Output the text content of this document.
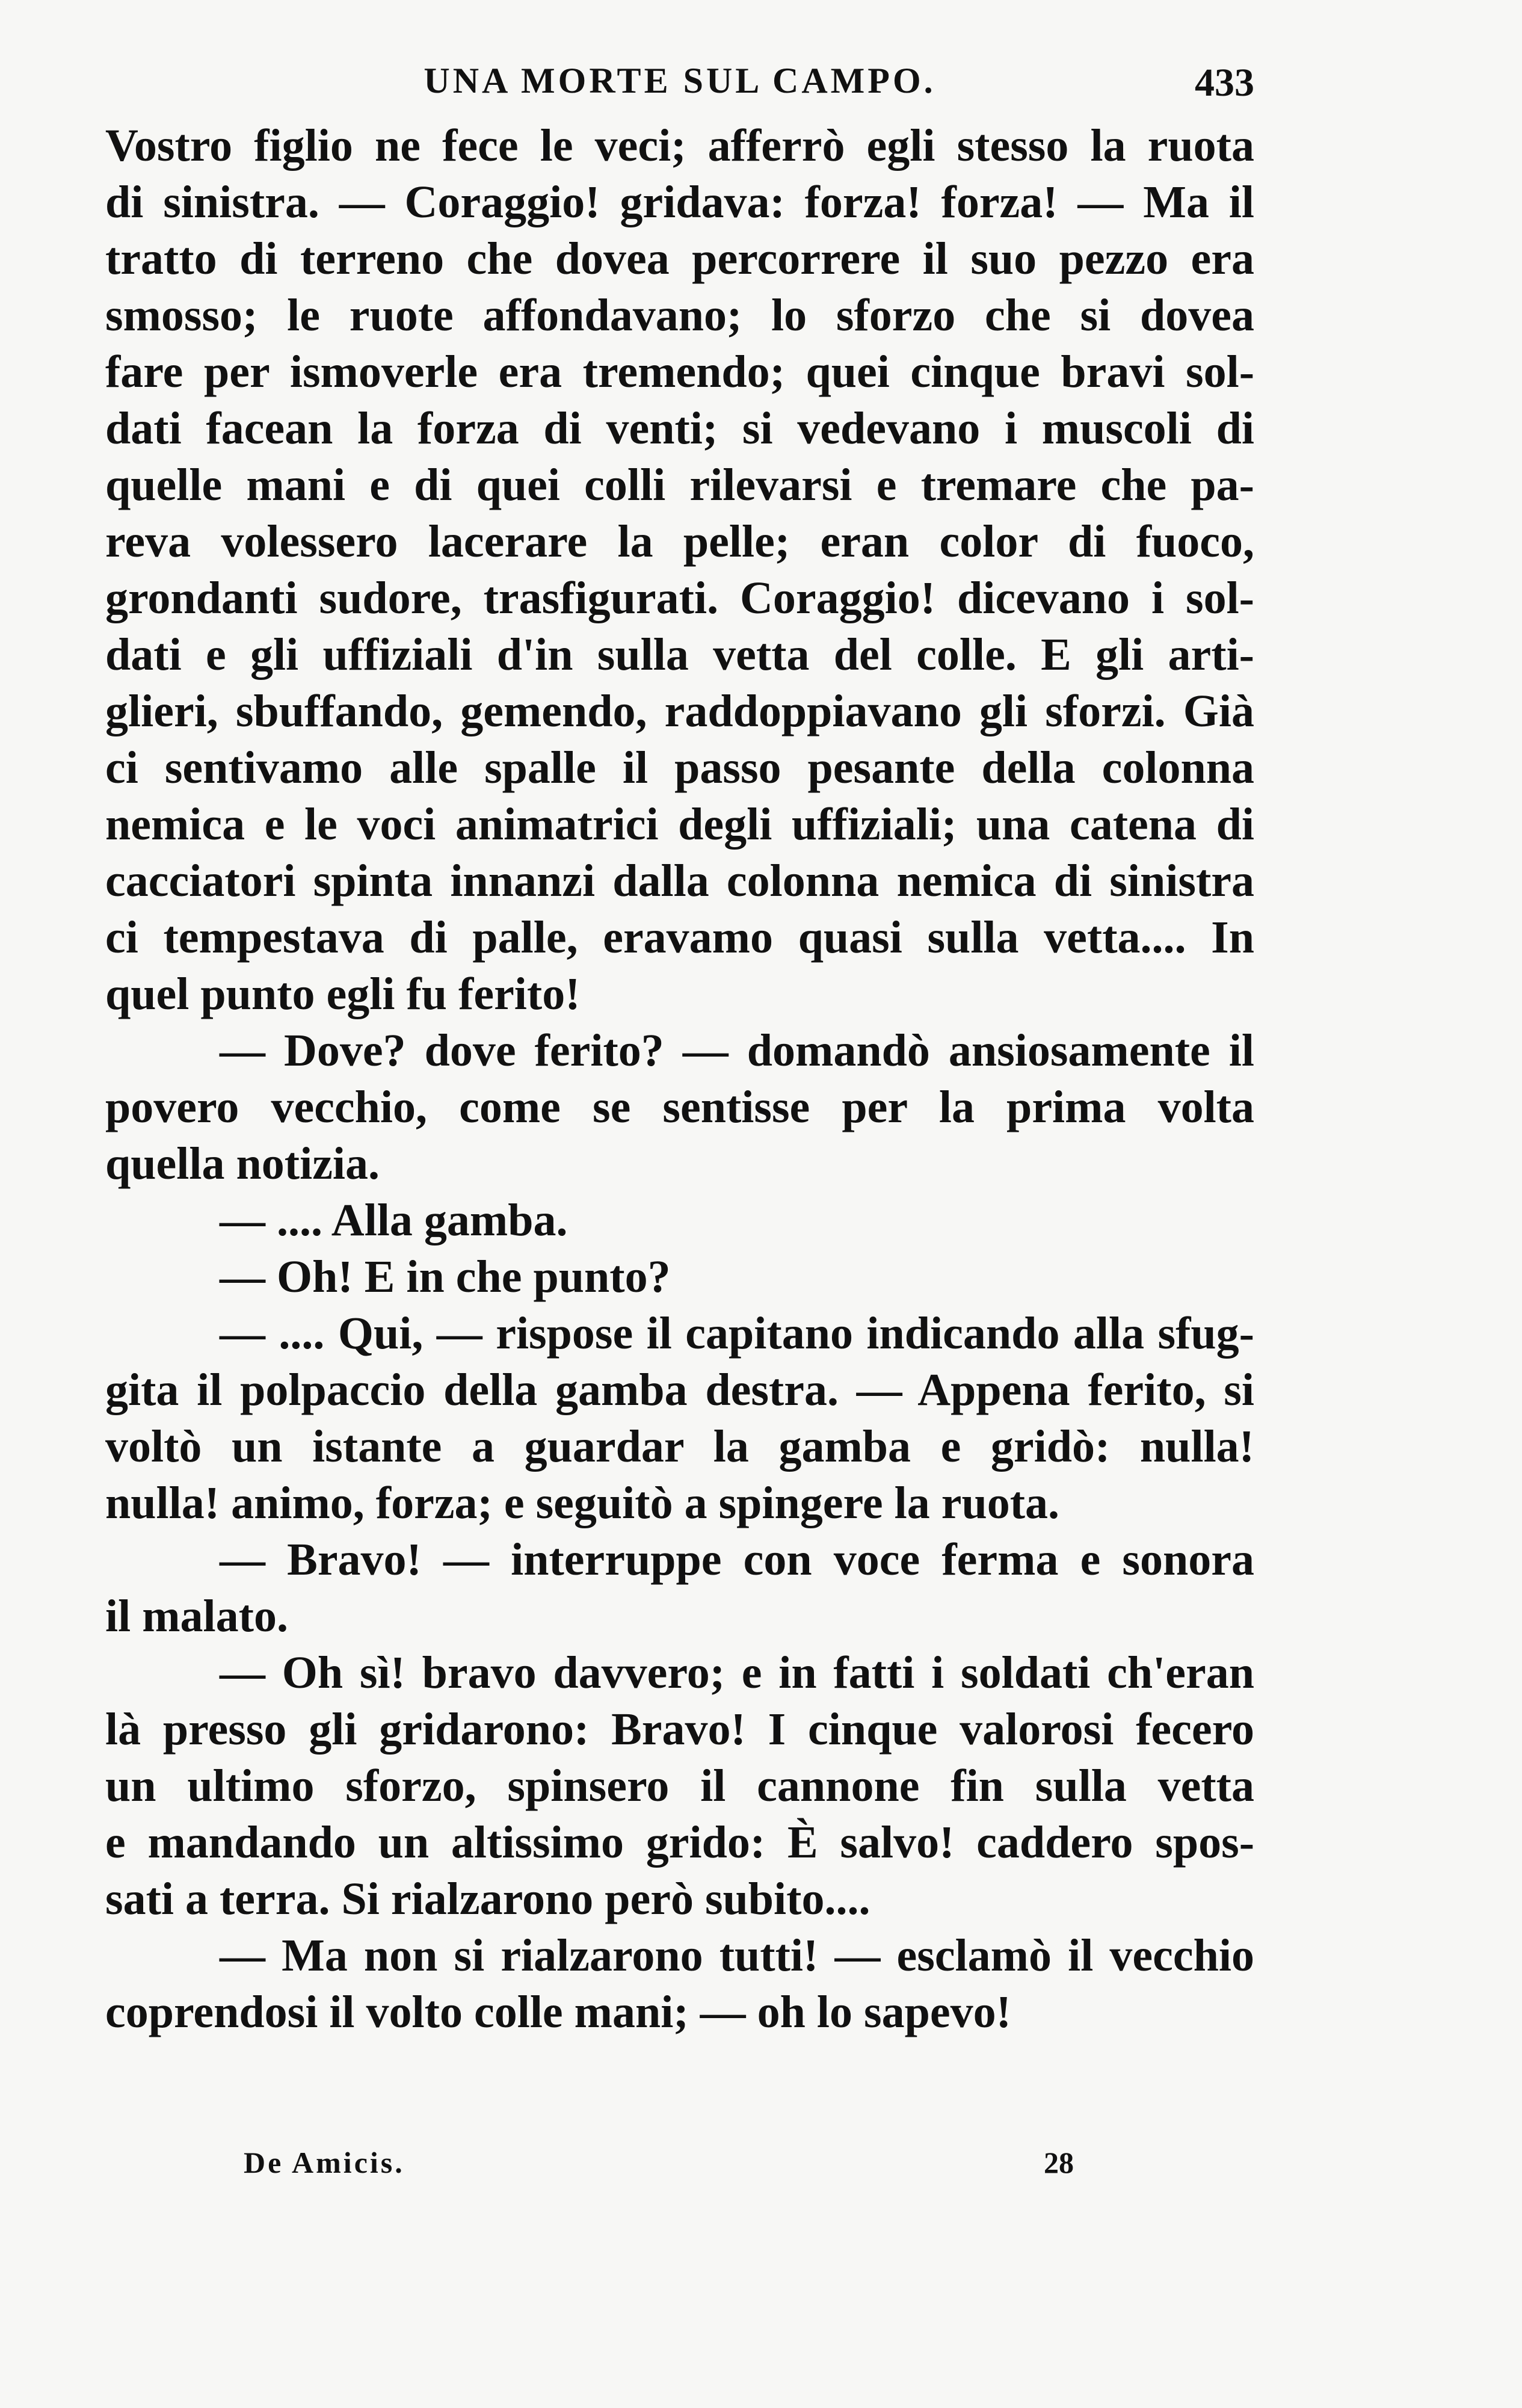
UNA MORTE SUL CAMPO.	433
Vostro figlio ne fece le veci; afferrò egli stesso la ruota
di sinistra. — Coraggio! gridava: forza! forza! — Ma il
tratto di terreno che dovea percorrere il suo pezzo era
smosso; le ruote affondavano; lo sforzo che si dovea
fare per ismoverle era tremendo; quei cinque bravi sol-
dati facean la forza di venti; si vedevano i muscoli di
quelle mani e di quei colli rilevarsi e tremare che pa-
reva volessero lacerare la pelle; eran color di fuoco,
grondanti sudore, trasfigurati. Coraggio! dicevano i sol-
dati e gli uffiziali d'in sulla vetta del colle. E gli arti-
glieri, sbuffando, gemendo, raddoppiavano gli sforzi. Già
ci sentivamo alle spalle il passo pesante della colonna
nemica e le voci animatrici degli uffiziali; una catena di
cacciatori spinta innanzi dalla colonna nemica di sinistra
ci tempestava di palle, eravamo quasi sulla vetta.... In
quel punto egli fu ferito!
— Dove? dove ferito? — domandò ansiosamente il
povero vecchio, come se sentisse per la prima volta
quella notizia.
— .... Alla gamba.
— Oh! E in che punto?
— .... Qui, — rispose il capitano indicando alla sfug-
gita il polpaccio della gamba destra. — Appena ferito, si
voltò un istante a guardar la gamba e gridò: nulla!
nulla! animo, forza; e seguitò a spingere la ruota.
— Bravo! — interruppe con voce ferma e sonora
il malato.
— Oh sì! bravo davvero; e in fatti i soldati ch'eran
là presso gli gridarono: Bravo! I cinque valorosi fecero
un ultimo sforzo, spinsero il cannone fin sulla vetta
e mandando un altissimo grido: È salvo! caddero spos-
sati a terra. Si rialzarono però subito....
— Ma non si rialzarono tutti! — esclamò il vecchio
coprendosi il volto colle mani; — oh lo sapevo!
De Amicis.	28
